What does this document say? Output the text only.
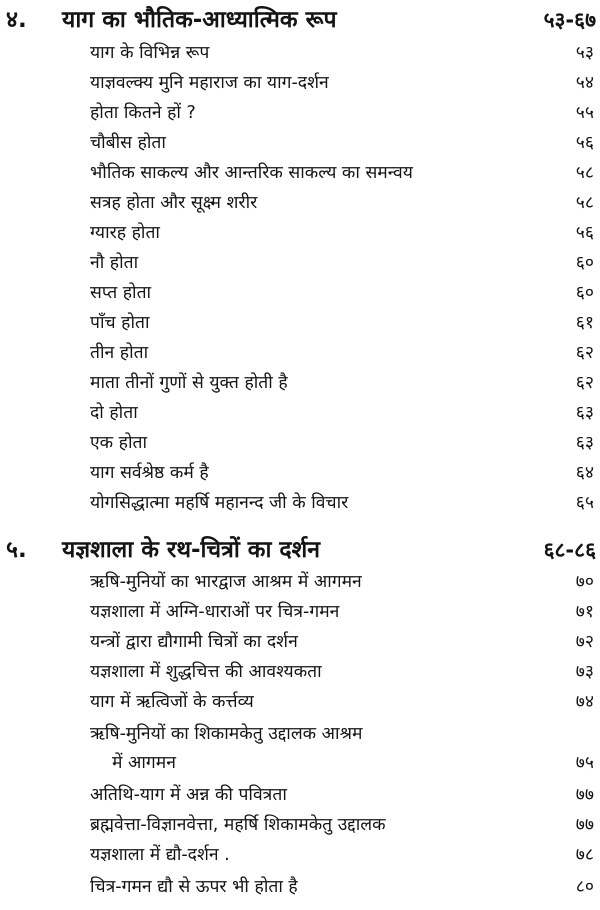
४. याग का भौतिक-आध्यात्मिक रूप	५३-६७
याग के विभिन्न रूप	५३
याज्ञवल्क्य मुनि महाराज का याग-दर्शन	५४
होता कितने हों ?	५५
चौबीस होता	५६
भौतिक साकल्य और आन्तरिक साकल्य का समन्वय	५८
सत्रह होता और सूक्ष्म शरीर	५८
ग्यारह होता	५६
नौ होता	६०
सप्त होता	६०
पाँच होता	६१
तीन होता	६२
माता तीनों गुणों से युक्त होती है	६२
दो होता	६३
एक होता	६३
याग सर्वश्रेष्ठ कर्म है	६४
योगसिद्धात्मा महर्षि महानन्द जी के विचार	६५
५. यज्ञशाला के रथ-चित्रों का दर्शन	६८-८६
ऋषि-मुनियों का भारद्वाज आश्रम में आगमन	७०
यज्ञशाला में अग्नि-धाराओं पर चित्र-गमन	७१
यन्त्रों द्वारा द्यौगामी चित्रों का दर्शन	७२
यज्ञशाला में शुद्धचित्त की आवश्यकता	७३
याग में ऋत्विजों के कर्त्तव्य	७४
ऋषि-मुनियों का शिकामकेतु उद्दालक आश्रम
में आगमन	७५
अतिथि-याग में अन्न की पवित्रता	७७
ब्रह्मवेत्ता-विज्ञानवेत्ता, महर्षि शिकामकेतु उद्दालक	७७
यज्ञशाला में द्यौ-दर्शन .	७८
चित्र-गमन द्यौ से ऊपर भी होता है	८०
